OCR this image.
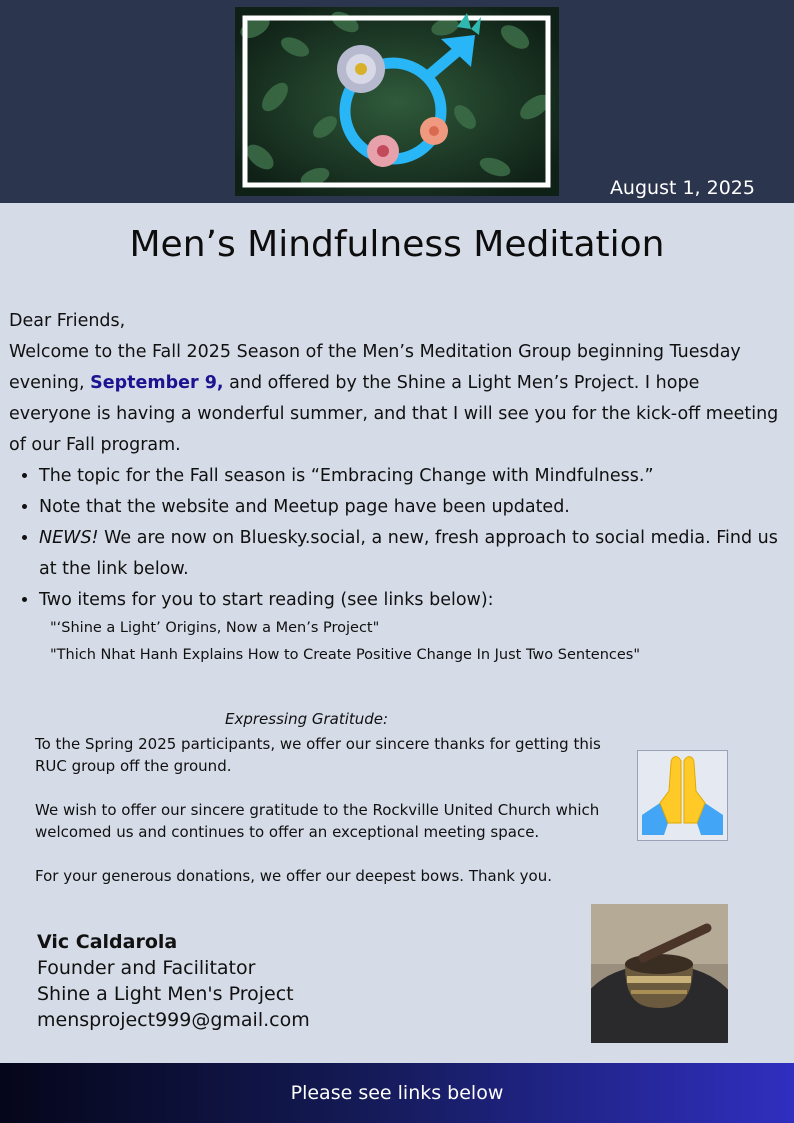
August 1, 2025
Men’s Mindfulness Meditation

Dear Friends,

Welcome to the Fall 2025 Season of the Men’s Meditation Group beginning Tuesday evening, September 9, and offered by the Shine a Light Men’s Project. I hope everyone is having a wonderful summer, and that I will see you for the kick-off meeting of our Fall program.

• The topic for the Fall season is “Embracing Change with Mindfulness.”
• Note that the website and Meetup page have been updated.
• NEWS! We are now on Bluesky.social, a new, fresh approach to social media. Find us at the link below.
• Two items for you to start reading (see links below):
"‘Shine a Light’ Origins, Now a Men’s Project"
"Thich Nhat Hanh Explains How to Create Positive Change In Just Two Sentences"
Expressing Gratitude:

To the Spring 2025 participants, we offer our sincere thanks for getting this RUC group off the ground.

We wish to offer our sincere gratitude to the Rockville United Church which welcomed us and continues to offer an exceptional meeting space.

For your generous donations, we offer our deepest bows. Thank you.

Vic Caldarola
Founder and Facilitator
Shine a Light Men's Project
mensproject999@gmail.com
Please see links below
